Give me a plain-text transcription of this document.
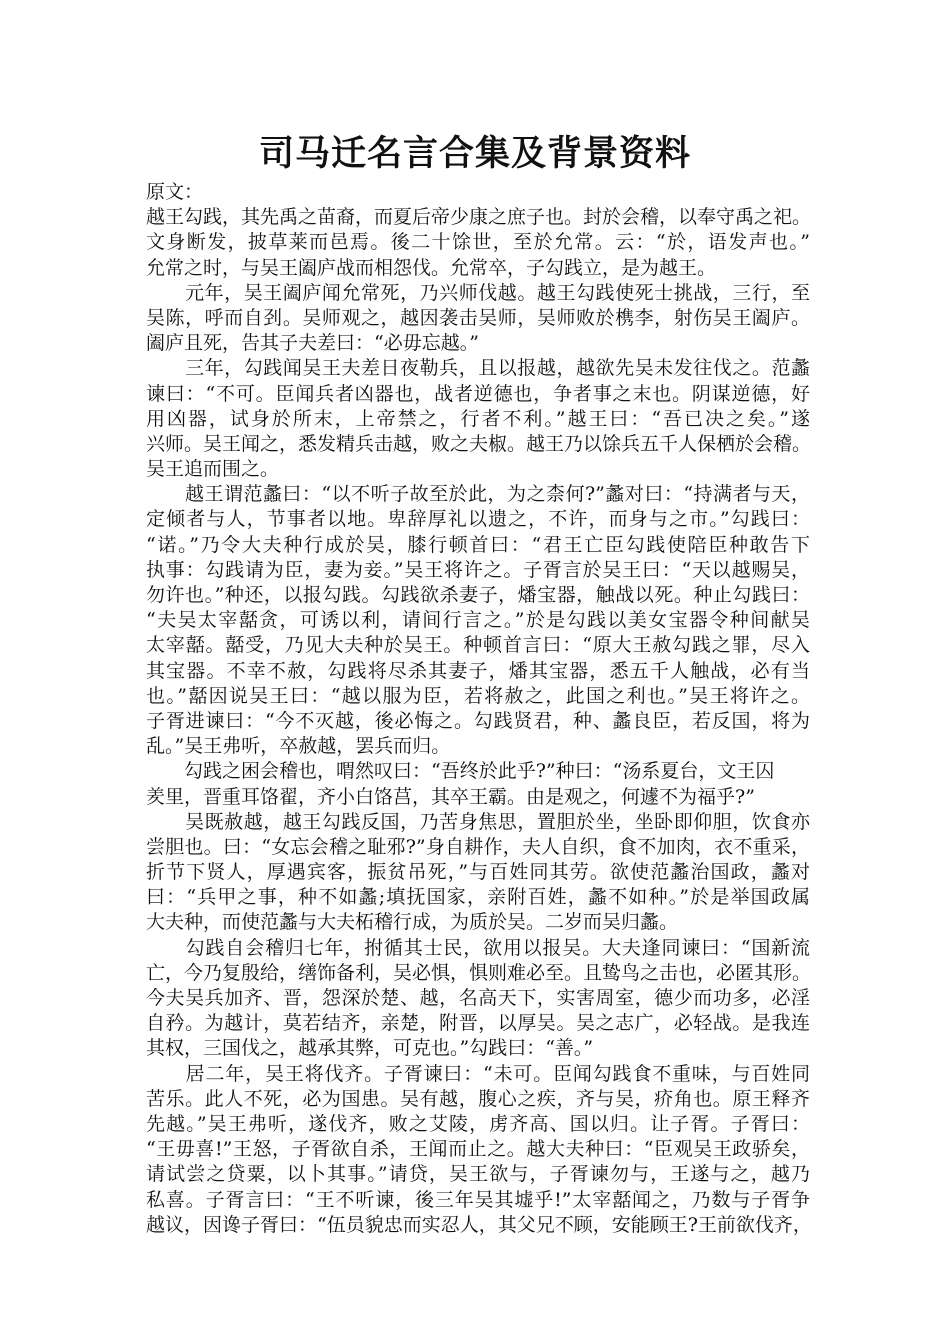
司马迁名言合集及背景资料
原文：
越王勾践，其先禹之苗裔，而夏后帝少康之庶子也。封於会稽，以奉守禹之祀。
文身断发，披草莱而邑焉。後二十馀世，至於允常。云：“於，语发声也。”
允常之时，与吴王阖庐战而相怨伐。允常卒，子勾践立，是为越王。
　　元年，吴王阖庐闻允常死，乃兴师伐越。越王勾践使死士挑战，三行，至
吴陈，呼而自刭。吴师观之，越因袭击吴师，吴师败於槜李，射伤吴王阖庐。
阖庐且死，告其子夫差曰：“必毋忘越。”
　　三年，勾践闻吴王夫差日夜勒兵，且以报越，越欲先吴未发往伐之。范蠡
谏曰：“不可。臣闻兵者凶器也，战者逆德也，争者事之末也。阴谋逆德，好
用凶器，试身於所末，上帝禁之，行者不利。”越王曰：“吾已决之矣。”遂
兴师。吴王闻之，悉发精兵击越，败之夫椒。越王乃以馀兵五千人保栖於会稽。
吴王追而围之。
　　越王谓范蠡曰：“以不听子故至於此，为之柰何?”蠡对曰：“持满者与天，
定倾者与人，节事者以地。卑辞厚礼以遗之，不许，而身与之市。”勾践曰：
“诺。”乃令大夫种行成於吴，膝行顿首曰：“君王亡臣勾践使陪臣种敢告下
执事：勾践请为臣，妻为妾。”吴王将许之。子胥言於吴王曰：“天以越赐吴，
勿许也。”种还，以报勾践。勾践欲杀妻子，燔宝器，触战以死。种止勾践曰：
“夫吴太宰嚭贪，可诱以利，请间行言之。”於是勾践以美女宝器令种间献吴
太宰嚭。嚭受，乃见大夫种於吴王。种顿首言曰：“原大王赦勾践之罪，尽入
其宝器。不幸不赦，勾践将尽杀其妻子，燔其宝器，悉五千人触战，必有当
也。”嚭因说吴王曰：“越以服为臣，若将赦之，此国之利也。”吴王将许之。
子胥进谏曰：“今不灭越，後必悔之。勾践贤君，种、蠡良臣，若反国，将为
乱。”吴王弗听，卒赦越，罢兵而归。
　　勾践之困会稽也，喟然叹曰：“吾终於此乎?”种曰：“汤系夏台，文王囚
羑里，晋重耳饹翟，齐小白饹莒，其卒王霸。由是观之，何遽不为福乎?”
　　吴既赦越，越王勾践反国，乃苦身焦思，置胆於坐，坐卧即仰胆，饮食亦
尝胆也。曰：“女忘会稽之耻邪?”身自耕作，夫人自织，食不加肉，衣不重采，
折节下贤人，厚遇宾客，振贫吊死，”与百姓同其劳。欲使范蠡治国政，蠡对
曰：“兵甲之事，种不如蠡;填抚国家，亲附百姓，蠡不如种。”於是举国政属
大夫种，而使范蠡与大夫柘稽行成，为质於吴。二岁而吴归蠡。
　　勾践自会稽归七年，拊循其士民，欲用以报吴。大夫逢同谏曰：“国新流
亡，今乃复殷给，缮饰备利，吴必惧，惧则难必至。且鸷鸟之击也，必匿其形。
今夫吴兵加齐、晋，怨深於楚、越，名高天下，实害周室，德少而功多，必淫
自矜。为越计，莫若结齐，亲楚，附晋，以厚吴。吴之志广，必轻战。是我连
其权，三国伐之，越承其弊，可克也。”勾践曰：“善。”
　　居二年，吴王将伐齐。子胥谏曰：“未可。臣闻勾践食不重味，与百姓同
苦乐。此人不死，必为国患。吴有越，腹心之疾，齐与吴，疥角也。原王释齐
先越。”吴王弗听，遂伐齐，败之艾陵，虏齐高、国以归。让子胥。子胥曰：
“王毋喜!”王怒，子胥欲自杀，王闻而止之。越大夫种曰：“臣观吴王政骄矣，
请试尝之贷粟，以卜其事。”请贷，吴王欲与，子胥谏勿与，王遂与之，越乃
私喜。子胥言曰：“王不听谏，後三年吴其墟乎!”太宰嚭闻之，乃数与子胥争
越议，因谗子胥曰：“伍员貌忠而实忍人，其父兄不顾，安能顾王?王前欲伐齐，
